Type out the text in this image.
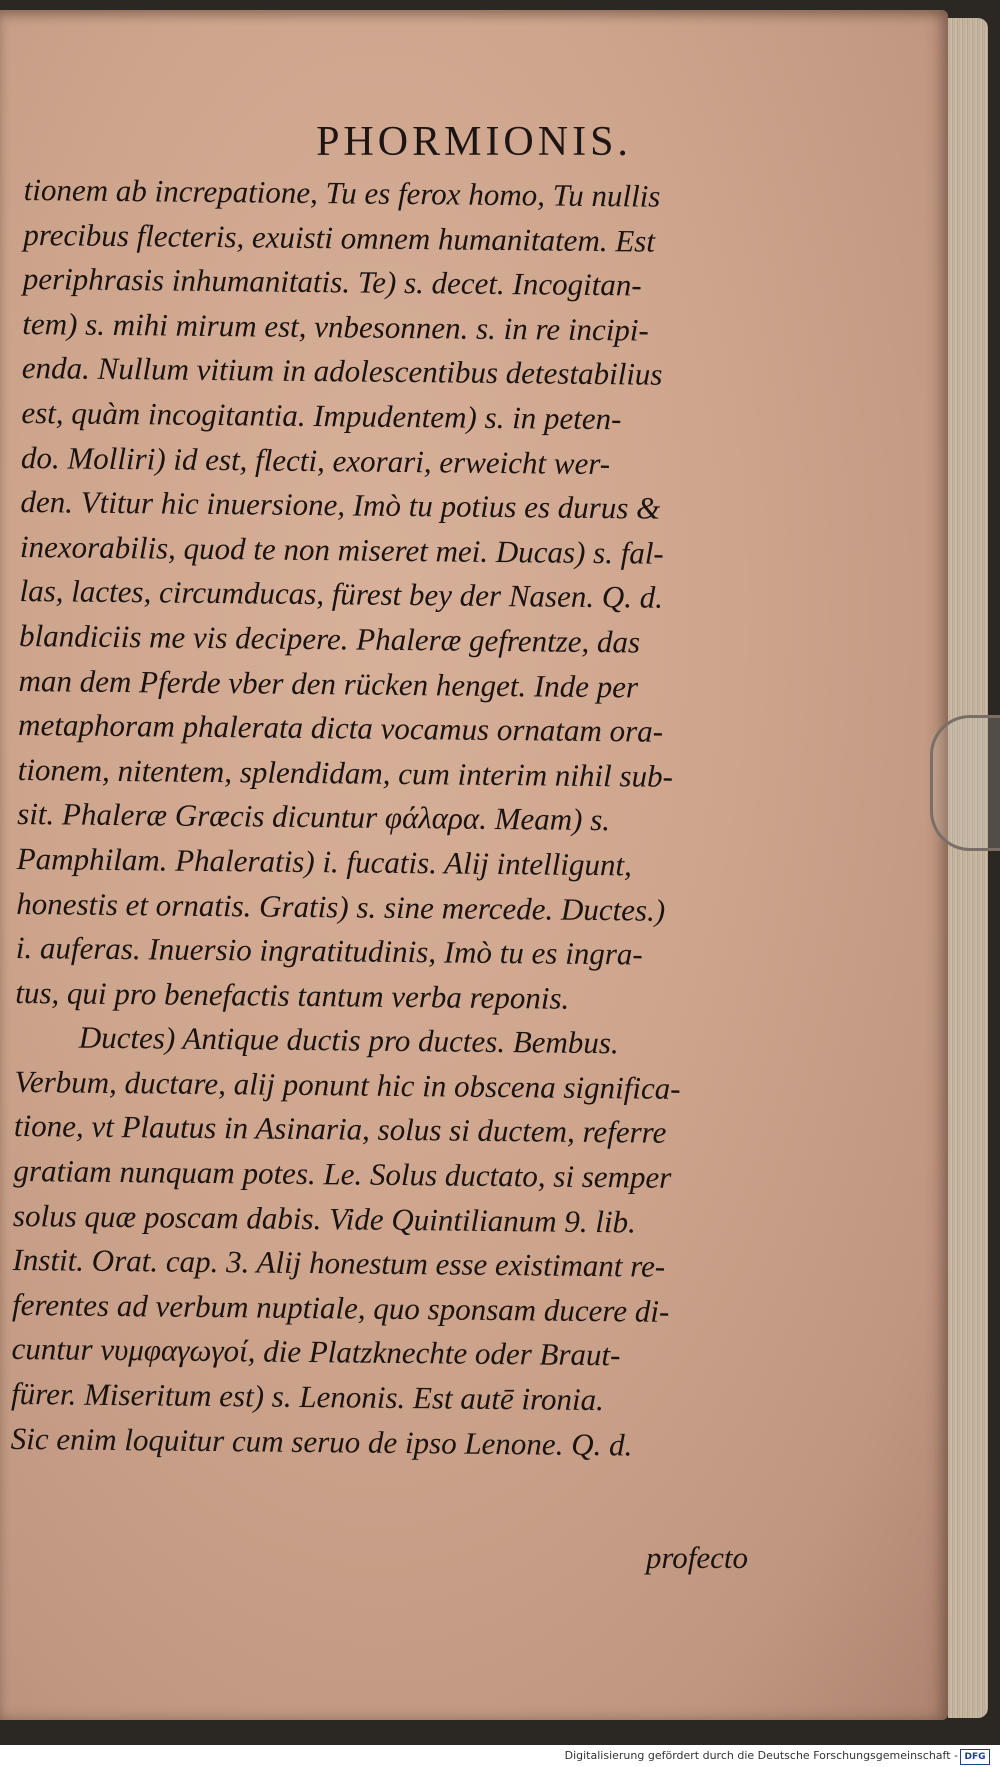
PHORMIONIS.
tionem ab increpatione, Tu es ferox homo, Tu nullis
precibus flecteris, exuisti omnem humanitatem. Est
periphrasis inhumanitatis. Te) s. decet. Incogitan-
tem) s. mihi mirum est, vnbesonnen. s. in re incipi-
enda. Nullum vitium in adolescentibus detestabilius
est, quàm incogitantia. Impudentem) s. in peten-
do. Molliri) id est, flecti, exorari, erweicht wer-
den. Vtitur hic inuersione, Imò tu potius es durus &
inexorabilis, quod te non miseret mei. Ducas) s. fal-
las, lactes, circumducas, fürest bey der Nasen. Q. d.
blandiciis me vis decipere. Phaleræ gefrentze, das
man dem Pferde vber den rücken henget. Inde per
metaphoram phalerata dicta vocamus ornatam ora-
tionem, nitentem, splendidam, cum interim nihil sub-
sit. Phaleræ Græcis dicuntur φάλαρα. Meam) s.
Pamphilam. Phaleratis) i. fucatis. Alij intelligunt,
honestis et ornatis. Gratis) s. sine mercede. Ductes.)
i. auferas. Inuersio ingratitudinis, Imò tu es ingra-
tus, qui pro benefactis tantum verba reponis.
Ductes) Antique ductis pro ductes. Bembus.
Verbum, ductare, alij ponunt hic in obscena significa-
tione, vt Plautus in Asinaria, solus si ductem, referre
gratiam nunquam potes. Le. Solus ductato, si semper
solus quæ poscam dabis. Vide Quintilianum 9. lib.
Instit. Orat. cap. 3. Alij honestum esse existimant re-
ferentes ad verbum nuptiale, quo sponsam ducere di-
cuntur νυμφαγωγοί, die Platzknechte oder Braut-
fürer. Miseritum est) s. Lenonis. Est autē ironia.
Sic enim loquitur cum seruo de ipso Lenone. Q. d.
profecto
Digitalisierung gefördert durch die Deutsche Forschungsgemeinschaft - DFG
